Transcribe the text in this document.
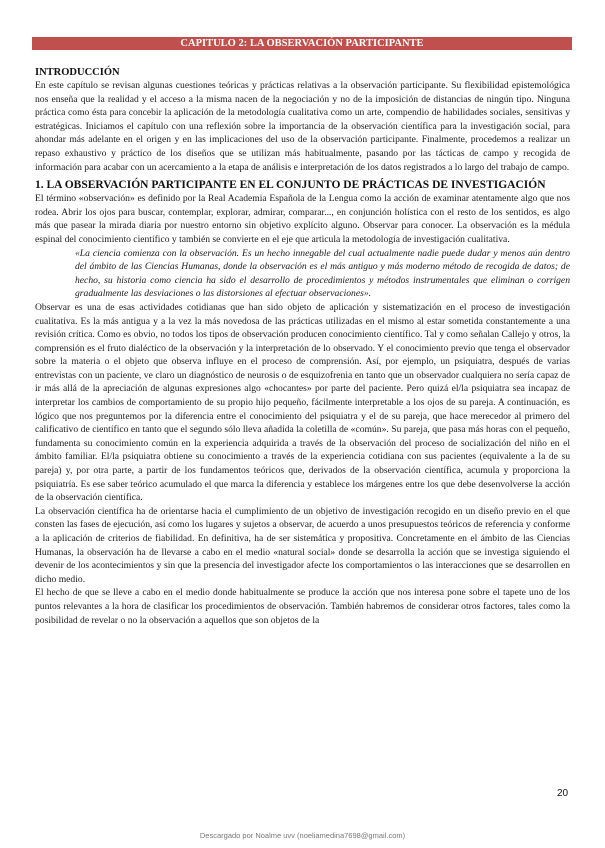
CAPITULO 2: LA OBSERVACIÓN PARTICIPANTE
INTRODUCCIÓN

En este capítulo se revisan algunas cuestiones teóricas y prácticas relativas a la observación participante. Su flexibilidad epistemológica nos enseña que la realidad y el acceso a la misma nacen de la negociación y no de la imposición de distancias de ningún tipo. Ninguna práctica como ésta para concebir la aplicación de la metodología cualitativa como un arte, compendio de habilidades sociales, sensitivas y estratégicas. Iniciamos el capítulo con una reflexión sobre la importancia de la observación científica para la investigación social, para ahondar más adelante en el origen y en las implicaciones del uso de la observación participante. Finalmente, procedemos a realizar un repaso exhaustivo y práctico de los diseños que se utilizan más habitualmente, pasando por las tácticas de campo y recogida de información para acabar con un acercamiento a la etapa de análisis e interpretación de los datos registrados a lo largo del trabajo de campo.

1. LA OBSERVACIÓN PARTICIPANTE EN EL CONJUNTO DE PRÁCTICAS DE INVESTIGACIÓN

El término «observación» es definido por la Real Academia Española de la Lengua como la acción de examinar atentamente algo que nos rodea. Abrir los ojos para buscar, contemplar, explorar, admirar, comparar..., en conjunción holística con el resto de los sentidos, es algo más que pasear la mirada diaria por nuestro entorno sin objetivo explícito alguno. Observar para conocer. La observación es la médula espinal del conocimiento científico y también se convierte en el eje que articula la metodología de investigación cualitativa.

«La ciencia comienza con la observación. Es un hecho innegable del cual actualmente nadie puede dudar y menos aún dentro del ámbito de las Ciencias Humanas, donde la observación es el más antiguo y más moderno método de recogida de datos; de hecho, su historia como ciencia ha sido el desarrollo de procedimientos y métodos instrumentales que eliminan o corrigen gradualmente las desviaciones o las distorsiones al efectuar observaciones».

Observar es una de esas actividades cotidianas que han sido objeto de aplicación y sistematización en el proceso de investigación cualitativa. Es la más antigua y a la vez la más novedosa de las prácticas utilizadas en el mismo al estar sometida constantemente a una revisión crítica. Como es obvio, no todos los tipos de observación producen conocimiento científico. Tal y como señalan Callejo y otros, la comprensión es el fruto dialéctico de la observación y la interpretación de lo observado. Y el conocimiento previo que tenga el observador sobre la materia o el objeto que observa influye en el proceso de comprensión. Así, por ejemplo, un psiquiatra, después de varias entrevistas con un paciente, ve claro un diagnóstico de neurosis o de esquizofrenia en tanto que un observador cualquiera no sería capaz de ir más allá de la apreciación de algunas expresiones algo «chocantes» por parte del paciente. Pero quizá el/la psiquiatra sea incapaz de interpretar los cambios de comportamiento de su propio hijo pequeño, fácilmente interpretable a los ojos de su pareja. A continuación, es lógico que nos preguntemos por la diferencia entre el conocimiento del psiquiatra y el de su pareja, que hace merecedor al primero del calificativo de científico en tanto que el segundo sólo lleva añadida la coletilla de «común». Su pareja, que pasa más horas con el pequeño, fundamenta su conocimiento común en la experiencia adquirida a través de la observación del proceso de socialización del niño en el ámbito familiar. El/la psiquiatra obtiene su conocimiento a través de la experiencia cotidiana con sus pacientes (equivalente a la de su pareja) y, por otra parte, a partir de los fundamentos teóricos que, derivados de la observación científica, acumula y proporciona la psiquiatría. Es ese saber teórico acumulado el que marca la diferencia y establece los márgenes entre los que debe desenvolverse la acción de la observación científica.

La observación científica ha de orientarse hacia el cumplimiento de un objetivo de investigación recogido en un diseño previo en el que consten las fases de ejecución, así como los lugares y sujetos a observar, de acuerdo a unos presupuestos teóricos de referencia y conforme a la aplicación de criterios de fiabilidad. En definitiva, ha de ser sistemática y propositiva. Concretamente en el ámbito de las Ciencias Humanas, la observación ha de llevarse a cabo en el medio «natural social» donde se desarrolla la acción que se investiga siguiendo el devenir de los acontecimientos y sin que la presencia del investigador afecte los comportamientos o las interacciones que se desarrollen en dicho medio.

El hecho de que se lleve a cabo en el medio donde habitualmente se produce la acción que nos interesa pone sobre el tapete uno de los puntos relevantes a la hora de clasificar los procedimientos de observación. También habremos de considerar otros factores, tales como la posibilidad de revelar o no la observación a aquellos que son objetos de la

20
Descargado por Noalme uvv (noeliamedina7698@gmail.com)
